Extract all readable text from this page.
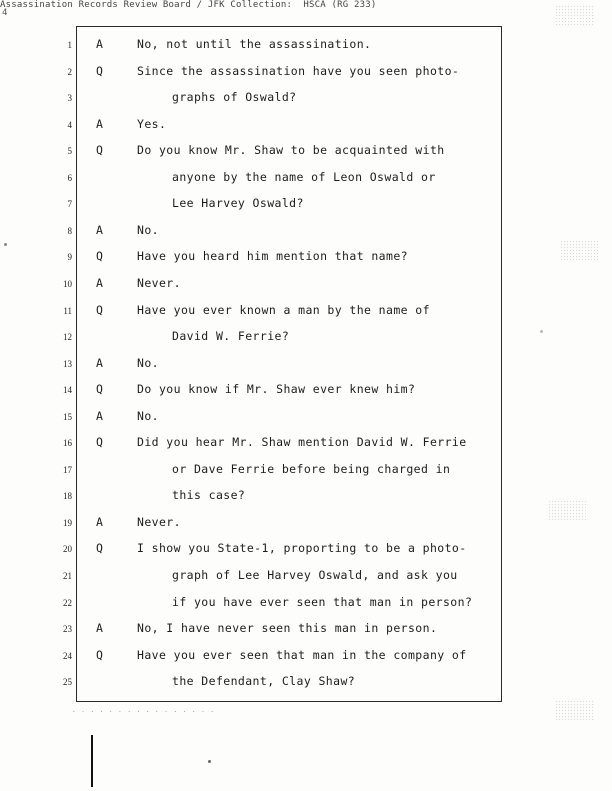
Assassination Records Review Board / JFK Collection:  HSCA (RG 233)
4
1 A	No, not until the assassination.
2 Q	Since the assassination have you seen photo-
3	graphs of Oswald?
4 A	Yes.
5 Q	Do you know Mr. Shaw to be acquainted with
6	anyone by the name of Leon Oswald or
7	Lee Harvey Oswald?
8 A	No.
9 Q	Have you heard him mention that name?
10 A	Never.
11 Q	Have you ever known a man by the name of
12	David W. Ferrie?
13 A	No.
14 Q	Do you know if Mr. Shaw ever knew him?
15 A	No.
16 Q	Did you hear Mr. Shaw mention David W. Ferrie
17	or Dave Ferrie before being charged in
18	this case?
19 A	Never.
20 Q	I show you State-1, proporting to be a photo-
21	graph of Lee Harvey Oswald, and ask you
22	if you have ever seen that man in person?
23 A	No, I have never seen this man in person.
24 Q	Have you ever seen that man in the company of
25	the Defendant, Clay Shaw?
. . . . . . . . . . . . . . . .
